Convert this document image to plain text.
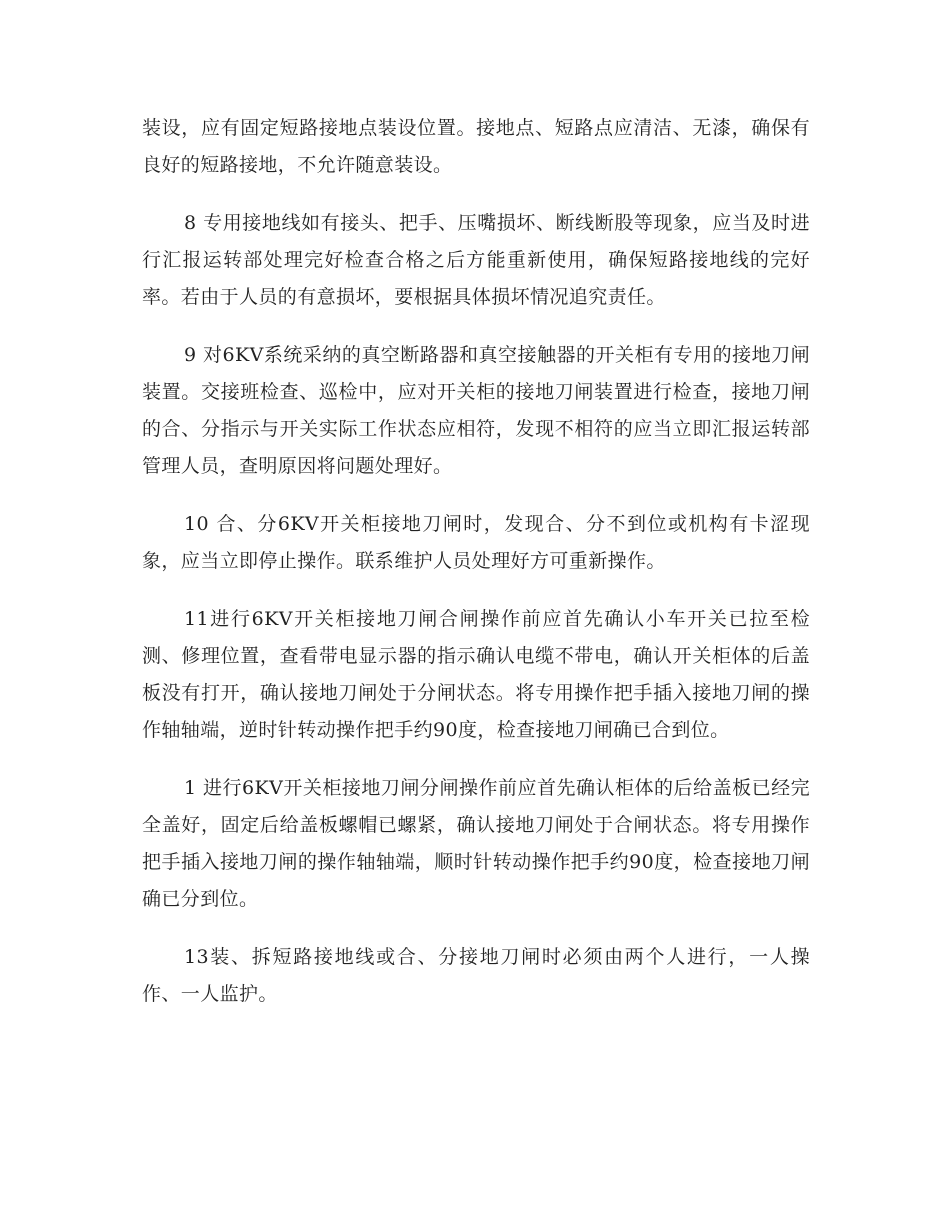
装设，应有固定短路接地点装设位置。接地点、短路点应清洁、无漆，确保有良好的短路接地，不允许随意装设。

8 专用接地线如有接头、把手、压嘴损坏、断线断股等现象，应当及时进行汇报运转部处理完好检查合格之后方能重新使用，确保短路接地线的完好率。若由于人员的有意损坏，要根据具体损坏情况追究责任。

9 对6KV系统采纳的真空断路器和真空接触器的开关柜有专用的接地刀闸装置。交接班检查、巡检中，应对开关柜的接地刀闸装置进行检查，接地刀闸的合、分指示与开关实际工作状态应相符，发现不相符的应当立即汇报运转部管理人员，查明原因将问题处理好。

10 合、分6KV开关柜接地刀闸时，发现合、分不到位或机构有卡涩现象，应当立即停止操作。联系维护人员处理好方可重新操作。

11进行6KV开关柜接地刀闸合闸操作前应首先确认小车开关已拉至检测、修理位置，查看带电显示器的指示确认电缆不带电，确认开关柜体的后盖板没有打开，确认接地刀闸处于分闸状态。将专用操作把手插入接地刀闸的操作轴轴端，逆时针转动操作把手约90度，检查接地刀闸确已合到位。

1 进行6KV开关柜接地刀闸分闸操作前应首先确认柜体的后给盖板已经完全盖好，固定后给盖板螺帽已螺紧，确认接地刀闸处于合闸状态。将专用操作把手插入接地刀闸的操作轴轴端，顺时针转动操作把手约90度，检查接地刀闸确已分到位。

13装、拆短路接地线或合、分接地刀闸时必须由两个人进行，一人操作、一人监护。
